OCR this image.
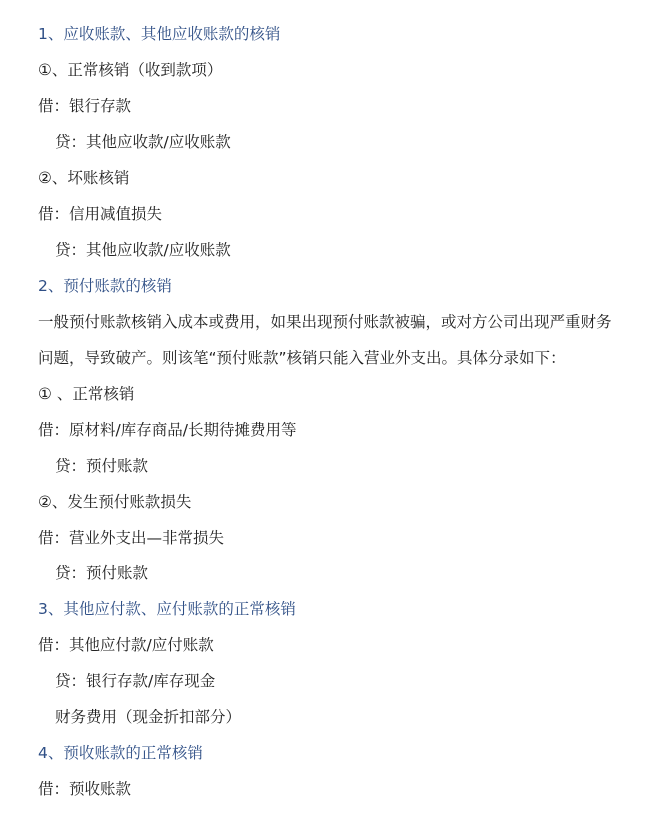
1、应收账款、其他应收账款的核销
①、正常核销（收到款项）
借：银行存款
贷：其他应收款/应收账款
②、坏账核销
借：信用减值损失
贷：其他应收款/应收账款
2、预付账款的核销
一般预付账款核销入成本或费用，如果出现预付账款被骗，或对方公司出现严重财务
问题，导致破产。则该笔“预付账款”核销只能入营业外支出。具体分录如下：
① 、正常核销
借：原材料/库存商品/长期待摊费用等
贷：预付账款
②、发生预付账款损失
借：营业外支出—非常损失
贷：预付账款
3、其他应付款、应付账款的正常核销
借：其他应付款/应付账款
贷：银行存款/库存现金
财务费用（现金折扣部分）
4、预收账款的正常核销
借：预收账款
